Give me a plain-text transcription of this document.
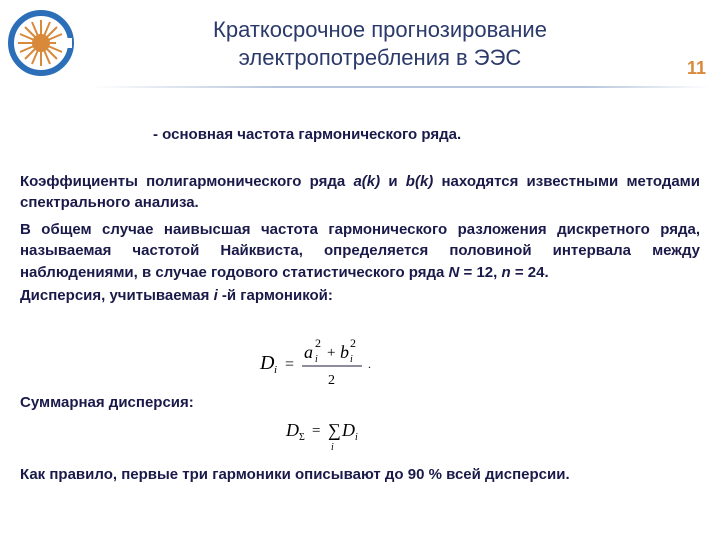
Краткосрочное прогнозирование
электропотребления в ЭЭС	11

- основная частота гармонического ряда.

Коэффициенты полигармонического ряда a(k) и b(k) находятся известными методами спектрального анализа.

В общем случае наивысшая частота гармонического разложения дискретного ряда, называемая частотой Найквиста, определяется половиной интервала между наблюдениями, в случае годового статистического ряда N = 12, n = 24.

Дисперсия, учитываемая i -й гармоникой:

D i =
a i
2
+ b i
2
2
.
Суммарная дисперсия:
D Σ = ∑
i
D i
Как правило, первые три гармоники описывают до 90 % всей дисперсии.
